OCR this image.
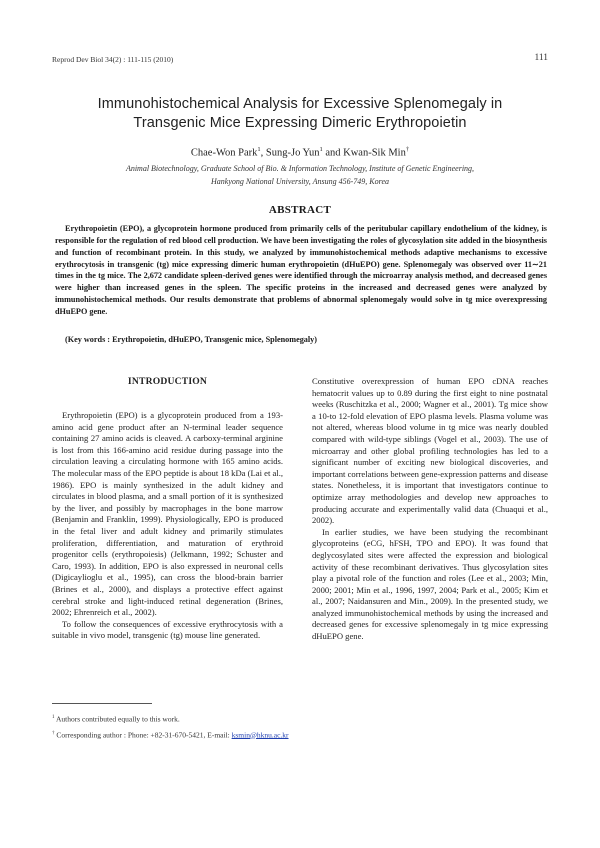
Reprod Dev Biol 34(2) : 111-115 (2010)	111
Immunohistochemical Analysis for Excessive Splenomegaly in
Transgenic Mice Expressing Dimeric Erythropoietin
Chae-Won Park$^1$, Sung-Jo Yun$^1$ and Kwan-Sik Min†
Animal Biotechnology, Graduate School of Bio. & Information Technology, Institute of Genetic Engineering,
Hankyong National University, Ansung 456-749, Korea
ABSTRACT
Erythropoietin (EPO), a glycoprotein hormone produced from primarily cells of the peritubular capillary endothelium of the kidney, is responsible for the regulation of red blood cell production. We have been investigating the roles of glycosylation site added in the biosynthesis and function of recombinant protein. In this study, we analyzed by immunohistochemical methods adaptive mechanisms to excessive erythrocytosis in transgenic (tg) mice expressing dimeric human erythropoietin (dHuEPO) gene. Splenomegaly was observed over 11∼21 times in the tg mice. The 2,672 candidate spleen-derived genes were identified through the microarray analysis method, and decreased genes were higher than increased genes in the spleen. The specific proteins in the increased and decreased genes were analyzed by immunohistochemical methods. Our results demonstrate that problems of abnormal splenomegaly would solve in tg mice overexpressing dHuEPO gene.
(Key words : Erythropoietin, dHuEPO, Transgenic mice, Splenomegaly)
INTRODUCTION

Erythropoietin (EPO) is a glycoprotein produced from a 193-amino acid gene product after an N-terminal leader sequence containing 27 amino acids is cleaved. A carboxy-terminal arginine is lost from this 166-amino acid residue during passage into the circulation leaving a circulating hormone with 165 amino acids. The molecular mass of the EPO peptide is about 18 kDa (Lai et al., 1986). EPO is mainly synthesized in the adult kidney and circulates in blood plasma, and a small portion of it is synthesized by the liver, and possibly by macrophages in the bone marrow (Benjamin and Franklin, 1999). Physiologically, EPO is produced in the fetal liver and adult kidney and primarily stimulates proliferation, differentiation, and maturation of erythroid progenitor cells (erythropoiesis) (Jelkmann, 1992; Schuster and Caro, 1993). In addition, EPO is also expressed in neuronal cells (Digicaylioglu et al., 1995), can cross the blood-brain barrier (Brines et al., 2000), and displays a protective effect against cerebral stroke and light-induced retinal degeneration (Brines, 2002; Ehrenreich et al., 2002).

To follow the consequences of excessive erythrocytosis with a suitable in vivo model, transgenic (tg) mouse line generated.

Constitutive overexpression of human EPO cDNA reaches hematocrit values up to 0.89 during the first eight to nine postnatal weeks (Ruschitzka et al., 2000; Wagner et al., 2001). Tg mice show a 10-to 12-fold elevation of EPO plasma levels. Plasma volume was not altered, whereas blood volume in tg mice was nearly doubled compared with wild-type siblings (Vogel et al., 2003). The use of microarray and other global profiling technologies has led to a significant number of exciting new biological discoveries, and important correlations between gene-expression patterns and disease states. Nonetheless, it is important that investigators continue to optimize array methodologies and develop new approaches to producing accurate and experimentally valid data (Chuaqui et al., 2002).

In earlier studies, we have been studying the recombinant glycoproteins (eCG, hFSH, TPO and EPO). It was found that deglycosylated sites were affected the expression and biological activity of these recombinant derivatives. Thus glycosylation sites play a pivotal role of the function and roles (Lee et al., 2003; Min, 2000; 2001; Min et al., 1996, 1997, 2004; Park et al., 2005; Kim et al., 2007; Naidansuren and Min., 2009). In the presented study, we analyzed immunohistochemical methods by using the increased and decreased genes for excessive splenomegaly in tg mice expressing dHuEPO gene.

$^1$ Authors contributed equally to this work.
† Corresponding author : Phone: +82-31-670-5421, E-mail: ksmin@hknu.ac.kr
